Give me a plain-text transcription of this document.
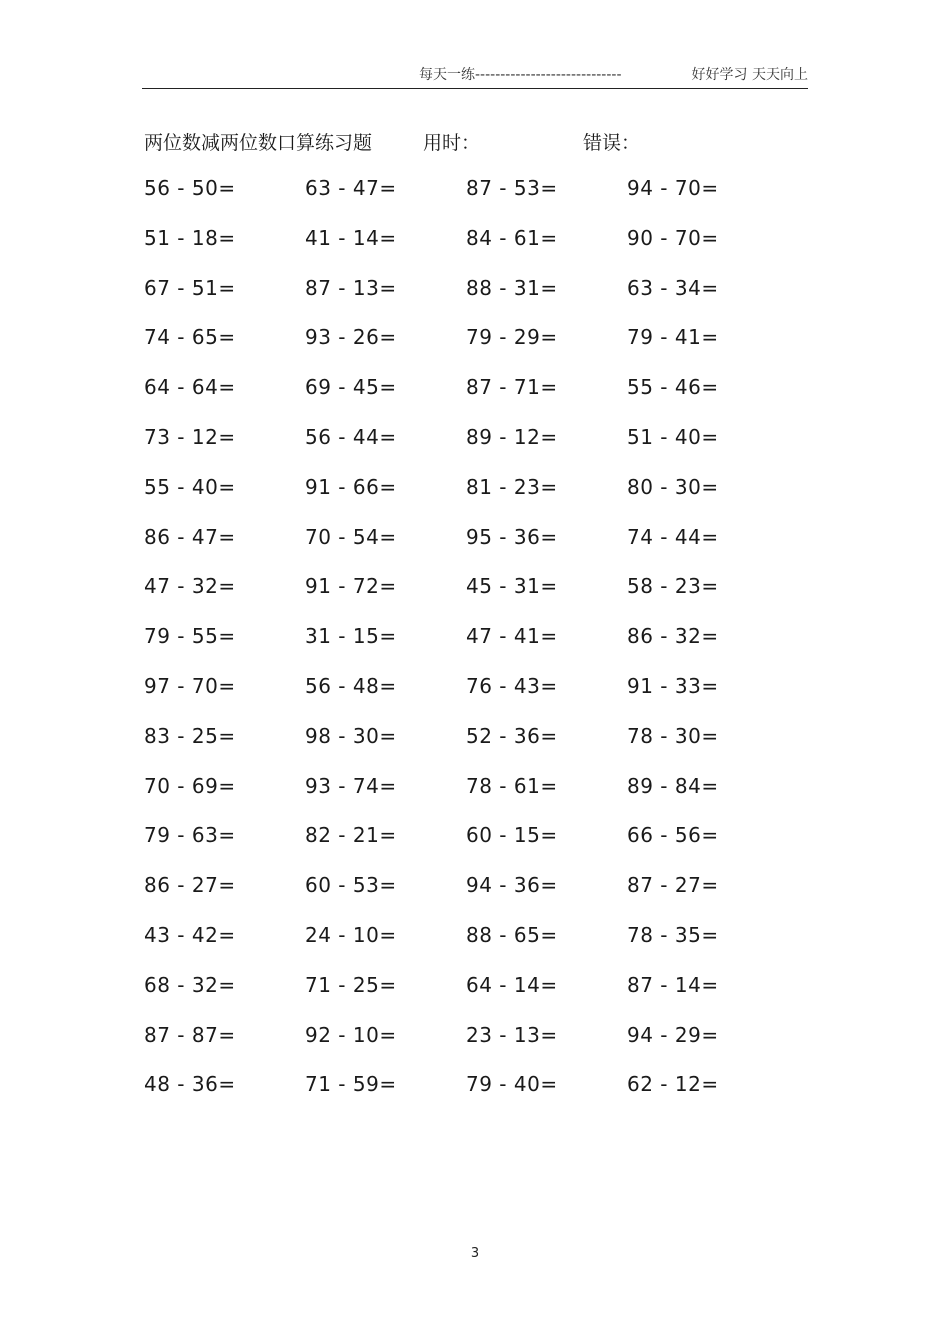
每天一练-----------------------------	好好学习 天天向上
两位数减两位数口算练习题	用时：	错误：
56 - 50=	63 - 47=	87 - 53=	94 - 70=
51 - 18=	41 - 14=	84 - 61=	90 - 70=
67 - 51=	87 - 13=	88 - 31=	63 - 34=
74 - 65=	93 - 26=	79 - 29=	79 - 41=
64 - 64=	69 - 45=	87 - 71=	55 - 46=
73 - 12=	56 - 44=	89 - 12=	51 - 40=
55 - 40=	91 - 66=	81 - 23=	80 - 30=
86 - 47=	70 - 54=	95 - 36=	74 - 44=
47 - 32=	91 - 72=	45 - 31=	58 - 23=
79 - 55=	31 - 15=	47 - 41=	86 - 32=
97 - 70=	56 - 48=	76 - 43=	91 - 33=
83 - 25=	98 - 30=	52 - 36=	78 - 30=
70 - 69=	93 - 74=	78 - 61=	89 - 84=
79 - 63=	82 - 21=	60 - 15=	66 - 56=
86 - 27=	60 - 53=	94 - 36=	87 - 27=
43 - 42=	24 - 10=	88 - 65=	78 - 35=
68 - 32=	71 - 25=	64 - 14=	87 - 14=
87 - 87=	92 - 10=	23 - 13=	94 - 29=
48 - 36=	71 - 59=	79 - 40=	62 - 12=
3
